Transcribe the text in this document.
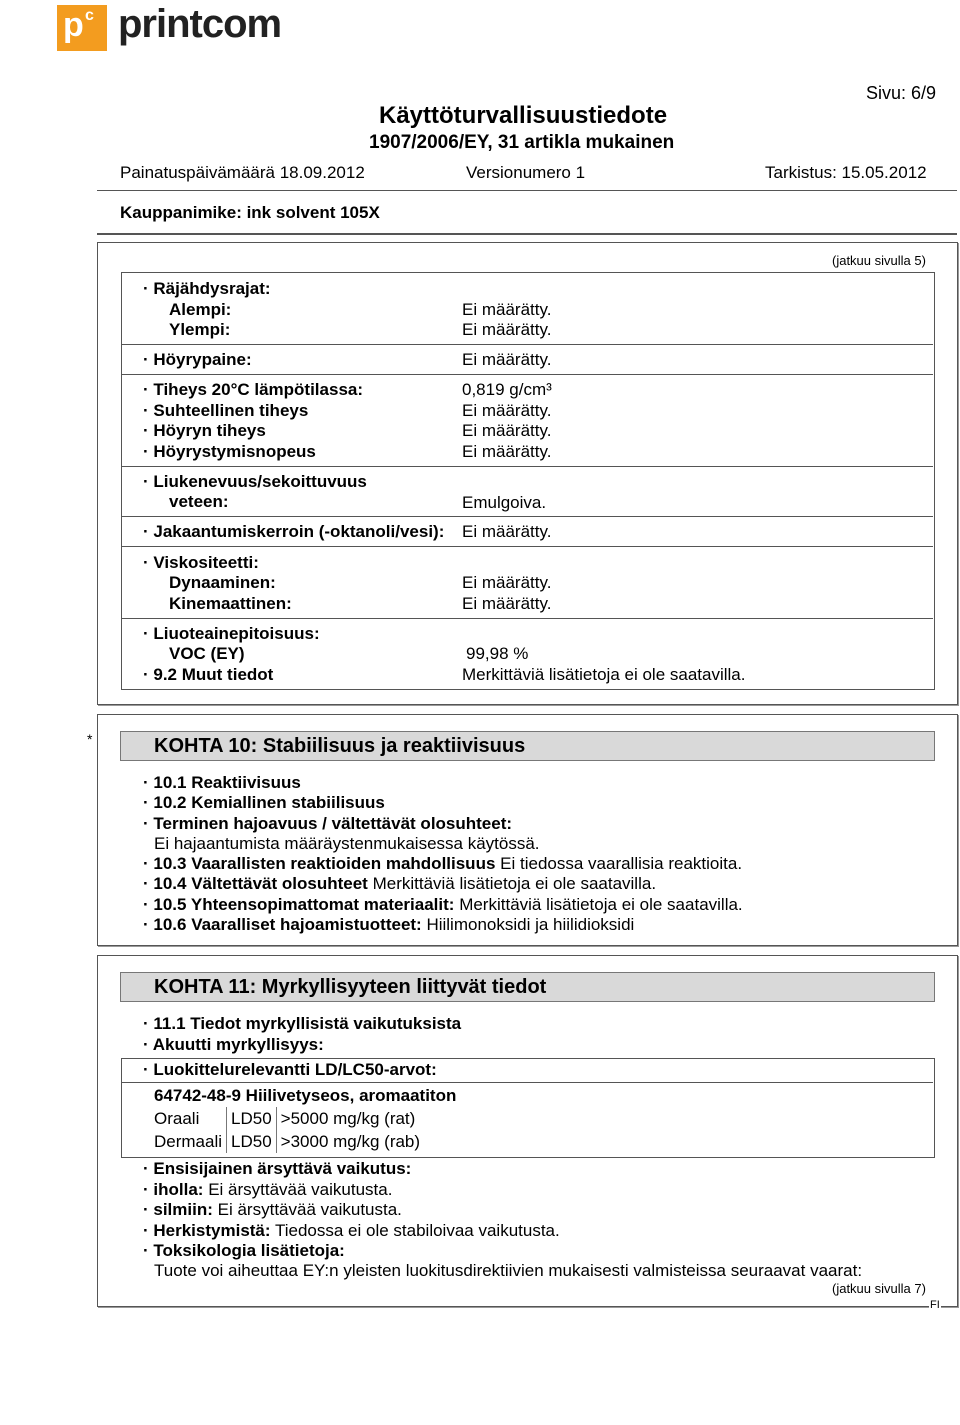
p c printcom
Sivu: 6/9
Käyttöturvallisuustiedote
1907/2006/EY, 31 artikla mukainen
Painatuspäivämäärä 18.09.2012	Versionumero 1	Tarkistus: 15.05.2012
Kauppanimike: ink solvent 105X
(jatkuu sivulla 5)
· Räjähdysrajat:
Alempi:	Ei määrätty.
Ylempi:	Ei määrätty.
· Höyrypaine:	Ei määrätty.
· Tiheys 20°C lämpötilassa:	0,819 g/cm³
· Suhteellinen tiheys	Ei määrätty.
· Höyryn tiheys	Ei määrätty.
· Höyrystymisnopeus	Ei määrätty.
· Liukenevuus/sekoittuvuus
veteen:	Emulgoiva.
· Jakaantumiskerroin (-oktanoli/vesi): Ei määrätty.
· Viskositeetti:
Dynaaminen:	Ei määrätty.
Kinemaattinen:	Ei määrätty.
· Liuoteainepitoisuus:
VOC (EY)	99,98 %
· 9.2 Muut tiedot	Merkittäviä lisätietoja ei ole saatavilla.
*	KOHTA 10: Stabiilisuus ja reaktiivisuus
· 10.1 Reaktiivisuus
· 10.2 Kemiallinen stabiilisuus
· Terminen hajoavuus / vältettävät olosuhteet:
Ei hajaantumista määräystenmukaisessa käytössä.
· 10.3 Vaarallisten reaktioiden mahdollisuus Ei tiedossa vaarallisia reaktioita.
· 10.4 Vältettävät olosuhteet Merkittäviä lisätietoja ei ole saatavilla.
· 10.5 Yhteensopimattomat materiaalit: Merkittäviä lisätietoja ei ole saatavilla.
· 10.6 Vaaralliset hajoamistuotteet: Hiilimonoksidi ja hiilidioksidi
KOHTA 11: Myrkyllisyyteen liittyvät tiedot
· 11.1 Tiedot myrkyllisistä vaikutuksista
· Akuutti myrkyllisyys:
· Luokittelurelevantti LD/LC50-arvot:
64742-48-9 Hiilivetyseos, aromaatiton
Oraali	LD50	>5000 mg/kg (rat)
Dermaali	LD50	>3000 mg/kg (rab)
· Ensisijainen ärsyttävä vaikutus:
· iholla: Ei ärsyttävää vaikutusta.
· silmiin: Ei ärsyttävää vaikutusta.
· Herkistymistä: Tiedossa ei ole stabiloivaa vaikutusta.
· Toksikologia lisätietoja:
Tuote voi aiheuttaa EY:n yleisten luokitusdirektiivien mukaisesti valmisteissa seuraavat vaarat:
(jatkuu sivulla 7)
FI
